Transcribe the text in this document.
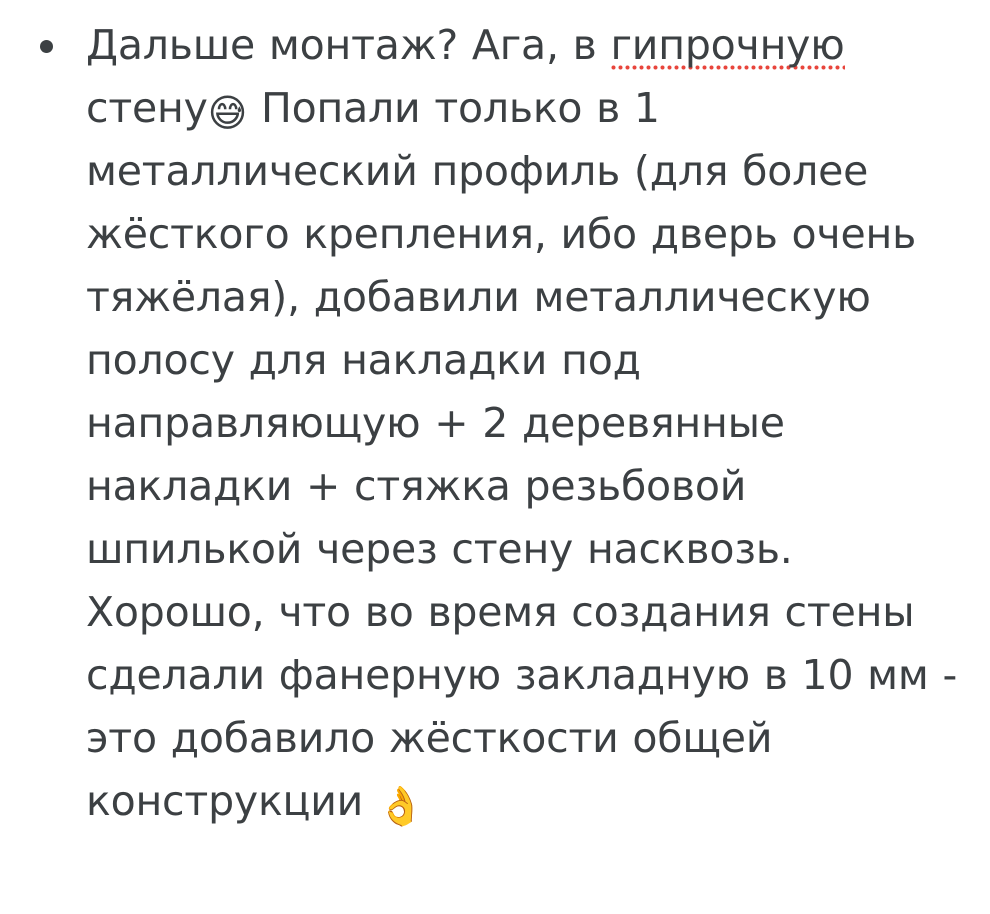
Дальше монтаж? Ага, в гипрочную стену😅 Попали только в 1 металлический профиль (для более жёсткого крепления, ибо дверь очень тяжёлая), добавили металлическую полосу для накладки под направляющую + 2 деревянные накладки + стяжка резьбовой шпилькой через стену насквозь. Хорошо, что во время создания стены сделали фанерную закладную в 10 мм - это добавило жёсткости общей конструкции 👌
